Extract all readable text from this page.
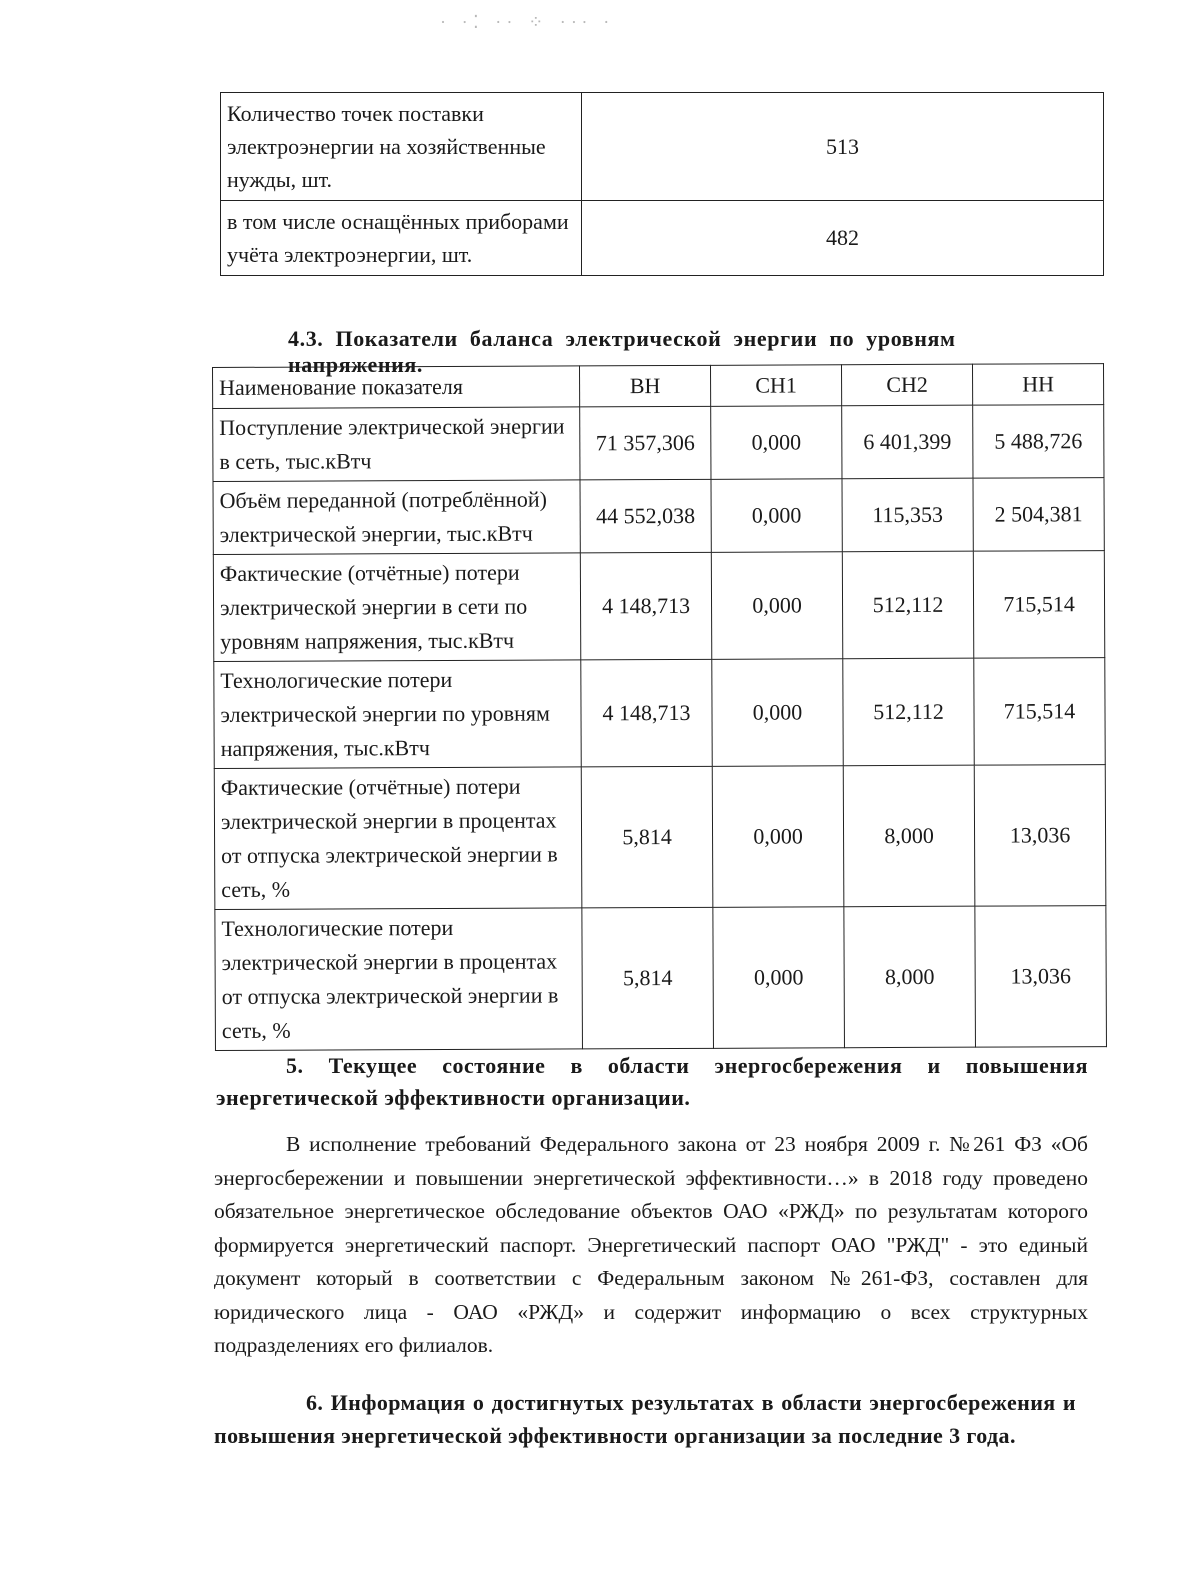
· ∙⁚ ·∙ ⁘ ·∙∙ ·
Количество точек поставки электроэнергии на хозяйственные нужды, шт.	513
в том числе оснащённых приборами учёта электроэнергии, шт.	482
4.3. Показатели баланса электрической энергии по уровням напряжения.
Наименование показателя	ВН	СН1	СН2	НН
Поступление электрической энергии в сеть, тыс.кВтч	71 357,306	0,000	6 401,399	5 488,726
Объём переданной (потреблённой) электрической энергии, тыс.кВтч	44 552,038	0,000	115,353	2 504,381
Фактические (отчётные) потери электрической энергии в сети по уровням напряжения, тыс.кВтч	4 148,713	0,000	512,112	715,514
Технологические потери электрической энергии по уровням напряжения, тыс.кВтч	4 148,713	0,000	512,112	715,514
Фактические (отчётные) потери электрической энергии в процентах от отпуска электрической энергии в сеть, %	5,814	0,000	8,000	13,036
Технологические потери электрической энергии в процентах от отпуска электрической энергии в сеть, %	5,814	0,000	8,000	13,036
5. Текущее состояние в области энергосбережения и повышения энергетической эффективности организации.
В исполнение требований Федерального закона от 23 ноября 2009 г. №261 ФЗ «Об энергосбережении и повышении энергетической эффективности…» в 2018 году проведено обязательное энергетическое обследование объектов ОАО «РЖД» по результатам которого формируется энергетический паспорт. Энергетический паспорт ОАО "РЖД" - это единый документ который в соответствии с Федеральным законом №261-ФЗ, составлен для юридического лица - ОАО «РЖД» и содержит информацию о всех структурных подразделениях его филиалов.
6. Информация о достигнутых результатах в области энергосбережения и повышения энергетической эффективности организации за последние 3 года.
